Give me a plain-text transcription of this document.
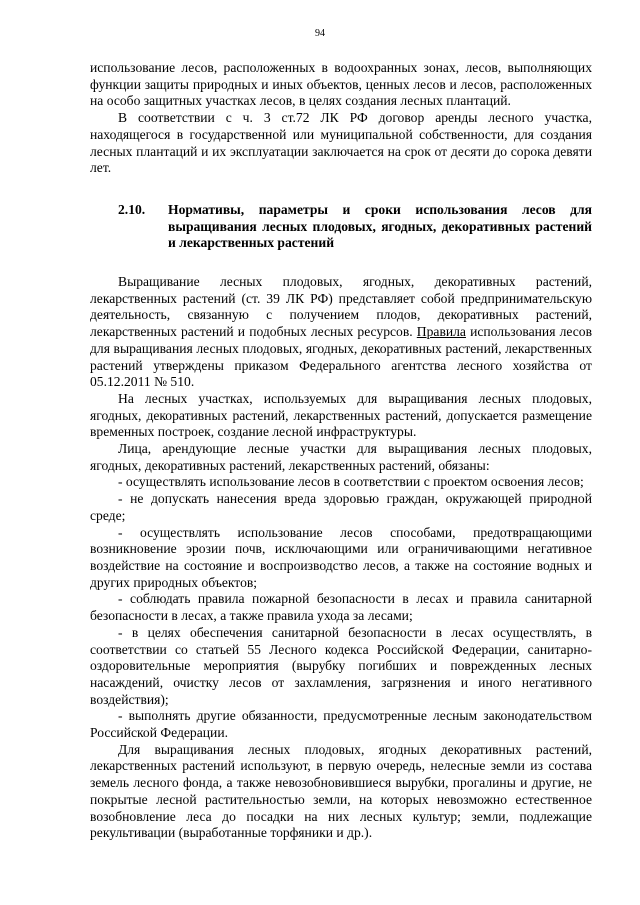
94

использование лесов, расположенных в водоохранных зонах, лесов, выполняющих функции защиты природных и иных объектов, ценных лесов и лесов, расположенных на особо защитных участках лесов, в целях создания лесных плантаций.

В соответствии с ч. 3 ст.72 ЛК РФ договор аренды лесного участка, находящегося в государственной или муниципальной собственности, для создания лесных плантаций и их эксплуатации заключается на срок от десяти до сорока девяти лет.

2.10.	Нормативы, параметры и сроки использования лесов для выращивания лесных плодовых, ягодных, декоративных растений и лекарственных растений

Выращивание лесных плодовых, ягодных, декоративных растений, лекарственных растений (ст. 39 ЛК РФ) представляет собой предпринимательскую деятельность, связанную с получением плодов, декоративных растений, лекарственных растений и подобных лесных ресурсов. Правила использования лесов для выращивания лесных плодовых, ягодных, декоративных растений, лекарственных растений утверждены приказом Федерального агентства лесного хозяйства от 05.12.2011 № 510.

На лесных участках, используемых для выращивания лесных плодовых, ягодных, декоративных растений, лекарственных растений, допускается размещение временных построек, создание лесной инфраструктуры.

Лица, арендующие лесные участки для выращивания лесных плодовых, ягодных, декоративных растений, лекарственных растений, обязаны:

- осуществлять использование лесов в соответствии с проектом освоения лесов;

- не допускать нанесения вреда здоровью граждан, окружающей природной среде;

- осуществлять использование лесов способами, предотвращающими возникновение эрозии почв, исключающими или ограничивающими негативное воздействие на состояние и воспроизводство лесов, а также на состояние водных и других природных объектов;

- соблюдать правила пожарной безопасности в лесах и правила санитарной безопасности в лесах, а также правила ухода за лесами;

- в целях обеспечения санитарной безопасности в лесах осуществлять, в соответствии со статьей 55 Лесного кодекса Российской Федерации, санитарно-оздоровительные мероприятия (вырубку погибших и поврежденных лесных насаждений, очистку лесов от захламления, загрязнения и иного негативного воздействия);

- выполнять другие обязанности, предусмотренные лесным законодательством Российской Федерации.

Для выращивания лесных плодовых, ягодных декоративных растений, лекарственных растений используют, в первую очередь, нелесные земли из состава земель лесного фонда, а также невозобновившиеся вырубки, прогалины и другие, не покрытые лесной растительностью земли, на которых невозможно естественное возобновление леса до посадки на них лесных культур; земли, подлежащие рекультивации (выработанные торфяники и др.).
